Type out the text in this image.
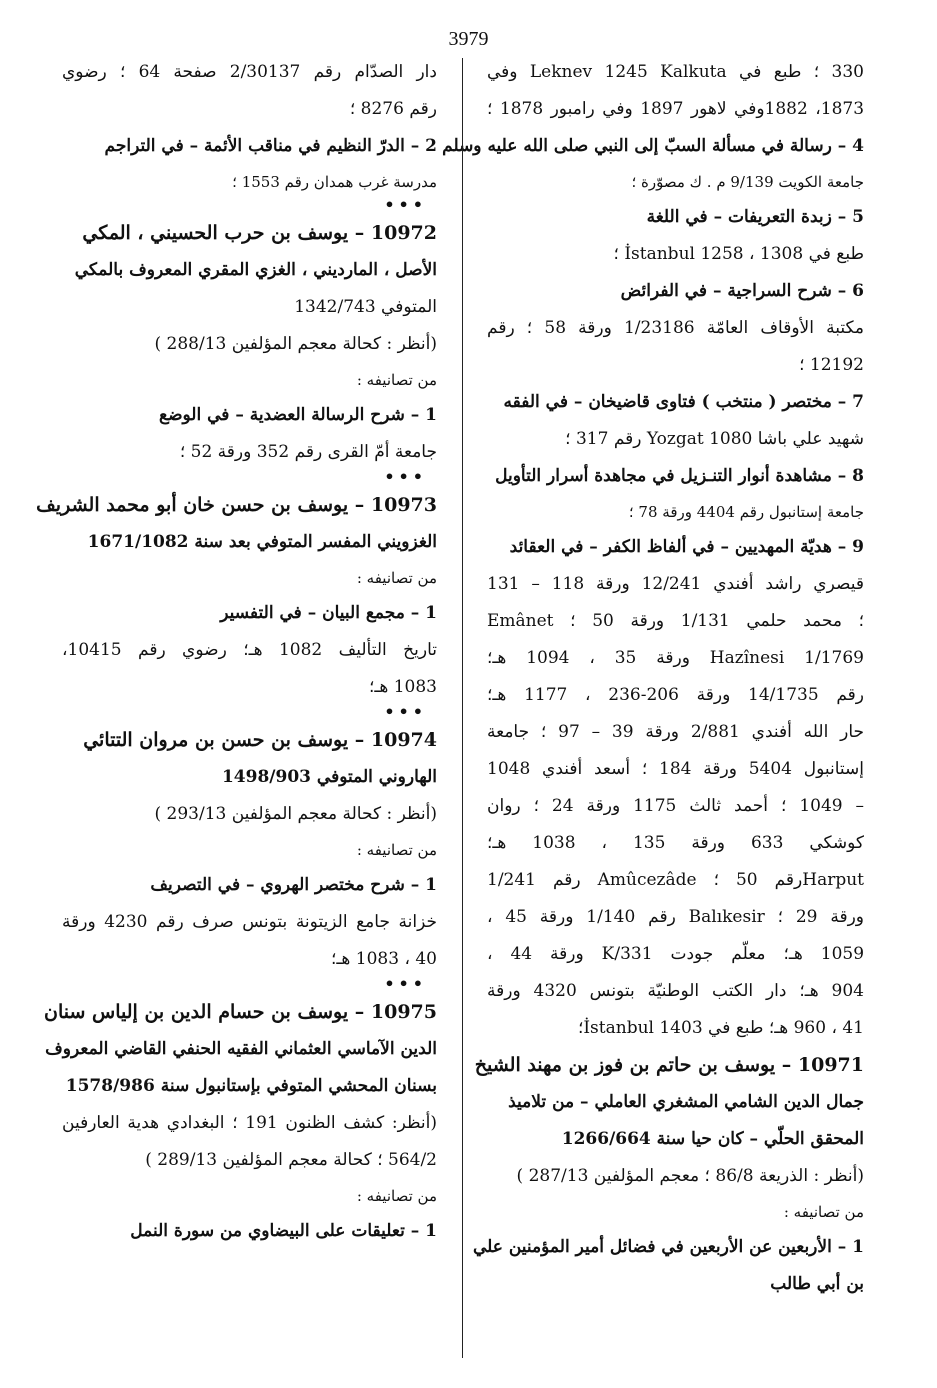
3979
330 ؛ طبع في Leknev 1245 Kalkuta وفي
1873، 1882وفي لاهور 1897 وفي رامبور 1878 ؛
4 – رسالة في مسألة السبّ إلى النبي صلى الله عليه وسلم
جامعة الكويت 9/139 م . ك مصوّرة ؛
5 – زبدة التعريفات – في اللغة
طبع في İstanbul 1258 ، 1308 ؛
6 – شرح السراجية – في الفرائض
مكتبة الأوقاف العامّة 1/23186 ورقة 58 ؛ رقم
12192 ؛
7 – مختصر ( منتخب ) فتاوى قاضيخان – في الفقه
شهيد علي باشا 1080 Yozgat رقم 317 ؛
8 – مشاهدة أنوار التنـزيل في مجاهدة أسرار التأويل
جامعة إستانبول رقم 4404 ورقة 78 ؛
9 – هديّة المهديين – في ألفاظ الكفر – في العقائد
قيصري راشد أفندي 12/241 ورقة 118 – 131
؛ محمد حلمي 1/131 ورقة 50 ؛ Emânet
Hazînesi 1/1769 ورقة 35 ، 1094 هـ؛
رقم 14/1735 ورقة 206-236 ، 1177 هـ؛
حار الله أفندي 2/881 ورقة 39 – 97 ؛ جامعة
إستانبول 5404 ورقة 184 ؛ أسعد أفندي 1048
– 1049 ؛ أحمد ثالث 1175 ورقة 24 ؛ روان
كوشكي 633 ورقة 135 ، 1038 هـ؛
Harputرقم 50 ؛ Amûcezâde رقم 1/241
ورقة 29 ؛ Balıkesir رقم 1/140 ورقة 45 ،
1059 هـ؛ معلّم جودت 331/K ورقة 44 ،
904 هـ؛ دار الكتب الوطنيّة بتونس 4320 ورقة
41 ، 960 هـ؛ طبع في İstanbul 1403؛
10971 – يوسف بن حاتم بن فوز بن مهند الشيخ
جمال الدين الشامي المشغري العاملي – من تلاميذ
المحقق الحلّي – كان حيا سنة 1266/664
(أنظر : الذريعة 86/8 ؛ معجم المؤلفين 287/13 )
من تصانيفه :
1 – الأربعين عن الأربعين في فضائل أمير المؤمنين علي
بن أبي طالب
دار الصدّام رقم 2/30137 صفحة 64 ؛ رضوي
رقم 8276 ؛
2 – الدرّ النظيم في مناقب الأئمة – في التراجم
مدرسة غرب همدان رقم 1553 ؛
•••
10972 – يوسف بن حرب الحسيني ، المكي
الأصل ، المارديني ، الغزي المقري المعروف بالمكي
المتوفي 1342/743
(أنظر : كحالة معجم المؤلفين 288/13 )
من تصانيفه :
1 – شرح الرسالة العضدية – في الوضع
جامعة أمّ القرى رقم 352 ورقة 52 ؛
•••
10973 – يوسف بن حسن خان أبو محمد الشريف
الغزويني المفسر المتوفي بعد سنة 1671/1082
من تصانيفه :
1 – مجمع البيان – في التفسير
تاريخ التأليف 1082 هـ؛ رضوي رقم 10415،
1083 هـ؛
•••
10974 – يوسف بن حسن بن مروان التتائي
الهاروني المتوفي 1498/903
(أنظر : كحالة معجم المؤلفين 293/13 )
من تصانيفه :
1 – شرح مختصر الهروي – في التصريف
خزانة جامع الزيتونة بتونس صرف رقم 4230 ورقة
40 ، 1083 هـ؛
•••
10975 – يوسف بن حسام الدين بن إلياس سنان
الدين الآماسي العثماني الفقيه الحنفي القاضي المعروف
بسنان المحشي المتوفي بإستانبول سنة 1578/986
(أنظر: كشف الظنون 191 ؛ البغدادي هدية العارفين
564/2 ؛ كحالة معجم المؤلفين 289/13 )
من تصانيفه :
1 – تعليقات على البيضاوي من سورة النمل
